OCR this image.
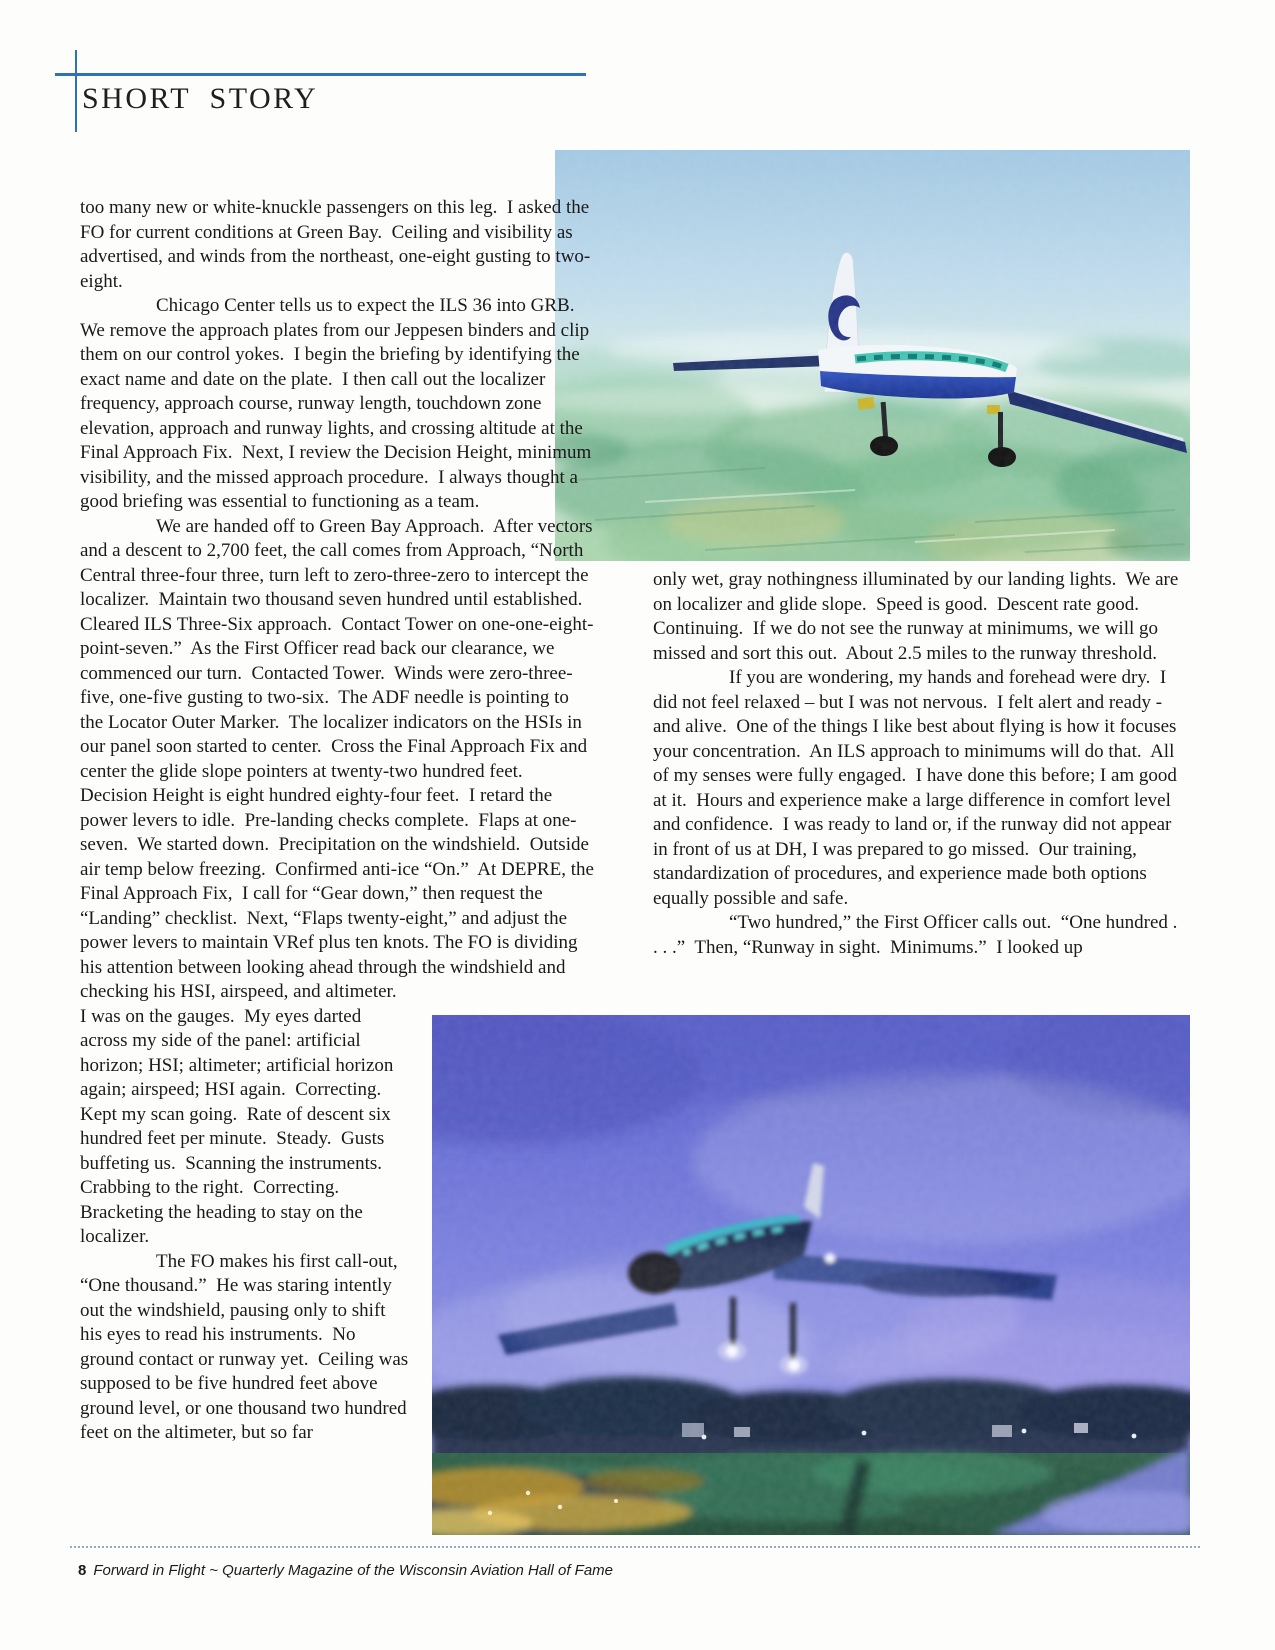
SHORT STORY

too many new or white-knuckle passengers on this leg.  I asked the FO for current conditions at Green Bay.  Ceiling and visibility as advertised, and winds from the northeast, one-eight gusting to two-eight.

Chicago Center tells us to expect the ILS 36 into GRB.  We remove the approach plates from our Jeppesen binders and clip them on our control yokes.  I begin the briefing by identifying the exact name and date on the plate.  I then call out the localizer frequency, approach course, runway length, touchdown zone elevation, approach and runway lights, and crossing altitude at the Final Approach Fix.  Next, I review the Decision Height, minimum visibility, and the missed approach procedure.  I always thought a good briefing was essential to functioning as a team.

We are handed off to Green Bay Approach.  After vectors and a descent to 2,700 feet, the call comes from Approach, “North Central three-four three, turn left to zero-three-zero to intercept the localizer.  Maintain two thousand seven hundred until established.  Cleared ILS Three-Six approach.  Contact Tower on one-one-eight-point-seven.”  As the First Officer read back our clearance, we commenced our turn.  Contacted Tower.  Winds were zero-three-five, one-five gusting to two-six.  The ADF needle is pointing to the Locator Outer Marker.  The localizer indicators on the HSIs in our panel soon started to center.  Cross the Final Approach Fix and center the glide slope pointers at twenty-two hundred feet.  Decision Height is eight hundred eighty-four feet.  I retard the power levers to idle.  Pre-landing checks complete.  Flaps at one-seven.  We started down.  Precipitation on the windshield.  Outside air temp below freezing.  Confirmed anti-ice “On.”  At DEPRE, the Final Approach Fix,  I call for “Gear down,” then request the “Landing” checklist.  Next, “Flaps twenty-eight,” and adjust the power levers to maintain VRef plus ten knots. The FO is dividing his attention between looking ahead through the windshield and checking his HSI, airspeed, and altimeter.  I was on the gauges.  My eyes darted across my side of the panel: artificial horizon; HSI; altimeter; artificial horizon again; airspeed; HSI again.  Correcting.  Kept my scan going.  Rate of descent six hundred feet per minute.  Steady.  Gusts buffeting us.  Scanning the instruments.  Crabbing to the right.  Correcting.  Bracketing the heading to stay on the localizer.

The FO makes his first call-out, “One thousand.”  He was staring intently out the windshield, pausing only to shift his eyes to read his instruments.  No ground contact or runway yet.  Ceiling was supposed to be five hundred feet above ground level, or one thousand two hundred feet on the altimeter, but so far

only wet, gray nothingness illuminated by our landing lights.  We are on localizer and glide slope.  Speed is good.  Descent rate good.  Continuing.  If we do not see the runway at minimums, we will go missed and sort this out.  About 2.5 miles to the runway threshold.

If you are wondering, my hands and forehead were dry.  I did not feel relaxed – but I was not nervous.  I felt alert and ready - and alive.  One of the things I like best about flying is how it focuses your concentration.  An ILS approach to minimums will do that.  All of my senses were fully engaged.  I have done this before; I am good at it.  Hours and experience make a large difference in comfort level and confidence.  I was ready to land or, if the runway did not appear in front of us at DH, I was prepared to go missed.  Our training, standardization of procedures, and experience made both options equally possible and safe.

“Two hundred,” the First Officer calls out.  “One hundred . . . .”  Then, “Runway in sight.  Minimums.”  I looked up

8 Forward in Flight ~ Quarterly Magazine of the Wisconsin Aviation Hall of Fame
